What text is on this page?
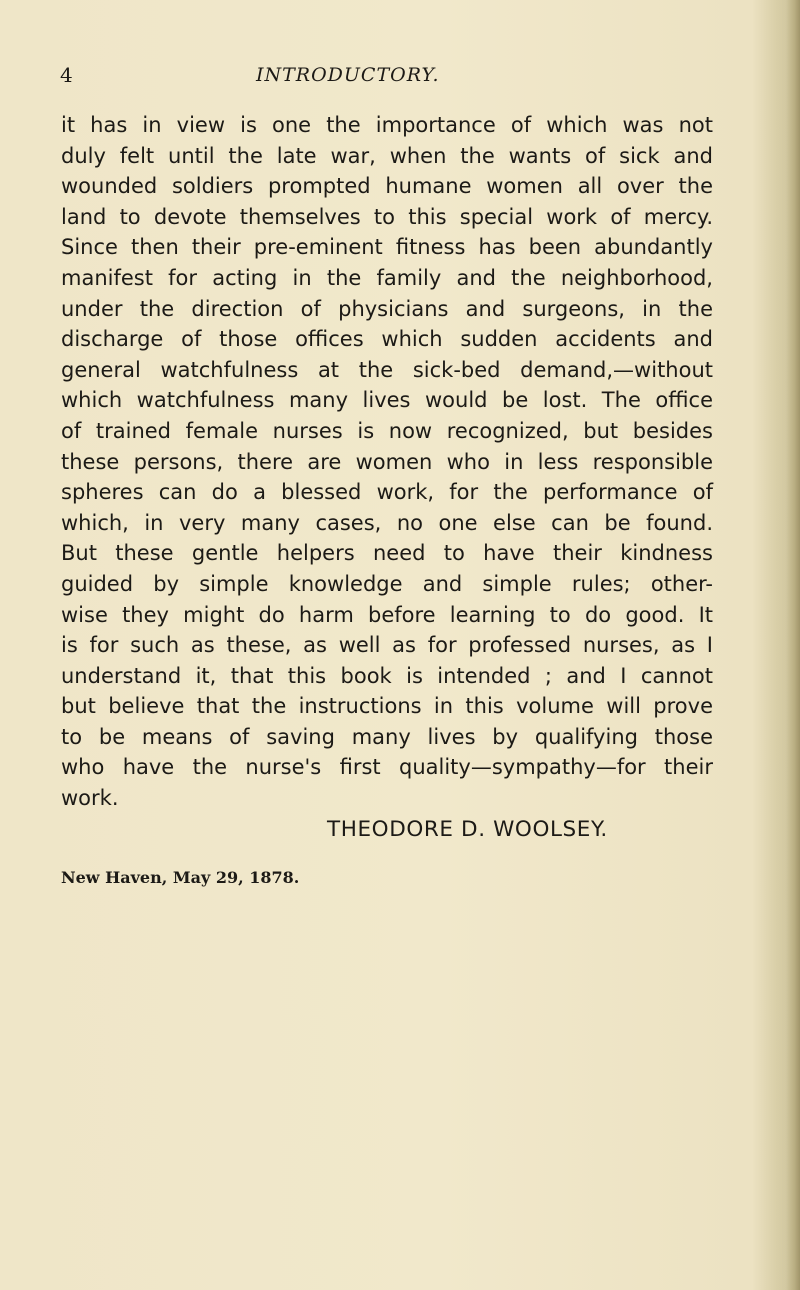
4	INTRODUCTORY.
it has in view is one the importance of which was not
duly felt until the late war, when the wants of sick and
wounded soldiers prompted humane women all over the
land to devote themselves to this special work of mercy.
Since then their pre-eminent fitness has been abundantly
manifest for acting in the family and the neighborhood,
under the direction of physicians and surgeons, in the
discharge of those offices which sudden accidents and
general watchfulness at the sick-bed demand,—without
which watchfulness many lives would be lost. The office
of trained female nurses is now recognized, but besides
these persons, there are women who in less responsible
spheres can do a blessed work, for the performance of
which, in very many cases, no one else can be found.
But these gentle helpers need to have their kindness
guided by simple knowledge and simple rules; other-
wise they might do harm before learning to do good. It
is for such as these, as well as for professed nurses, as I
understand it, that this book is intended ; and I cannot
but believe that the instructions in this volume will prove
to be means of saving many lives by qualifying those
who have the nurse's first quality—sympathy—for their
work.
THEODORE D. WOOLSEY.
New Haven, May 29, 1878.
